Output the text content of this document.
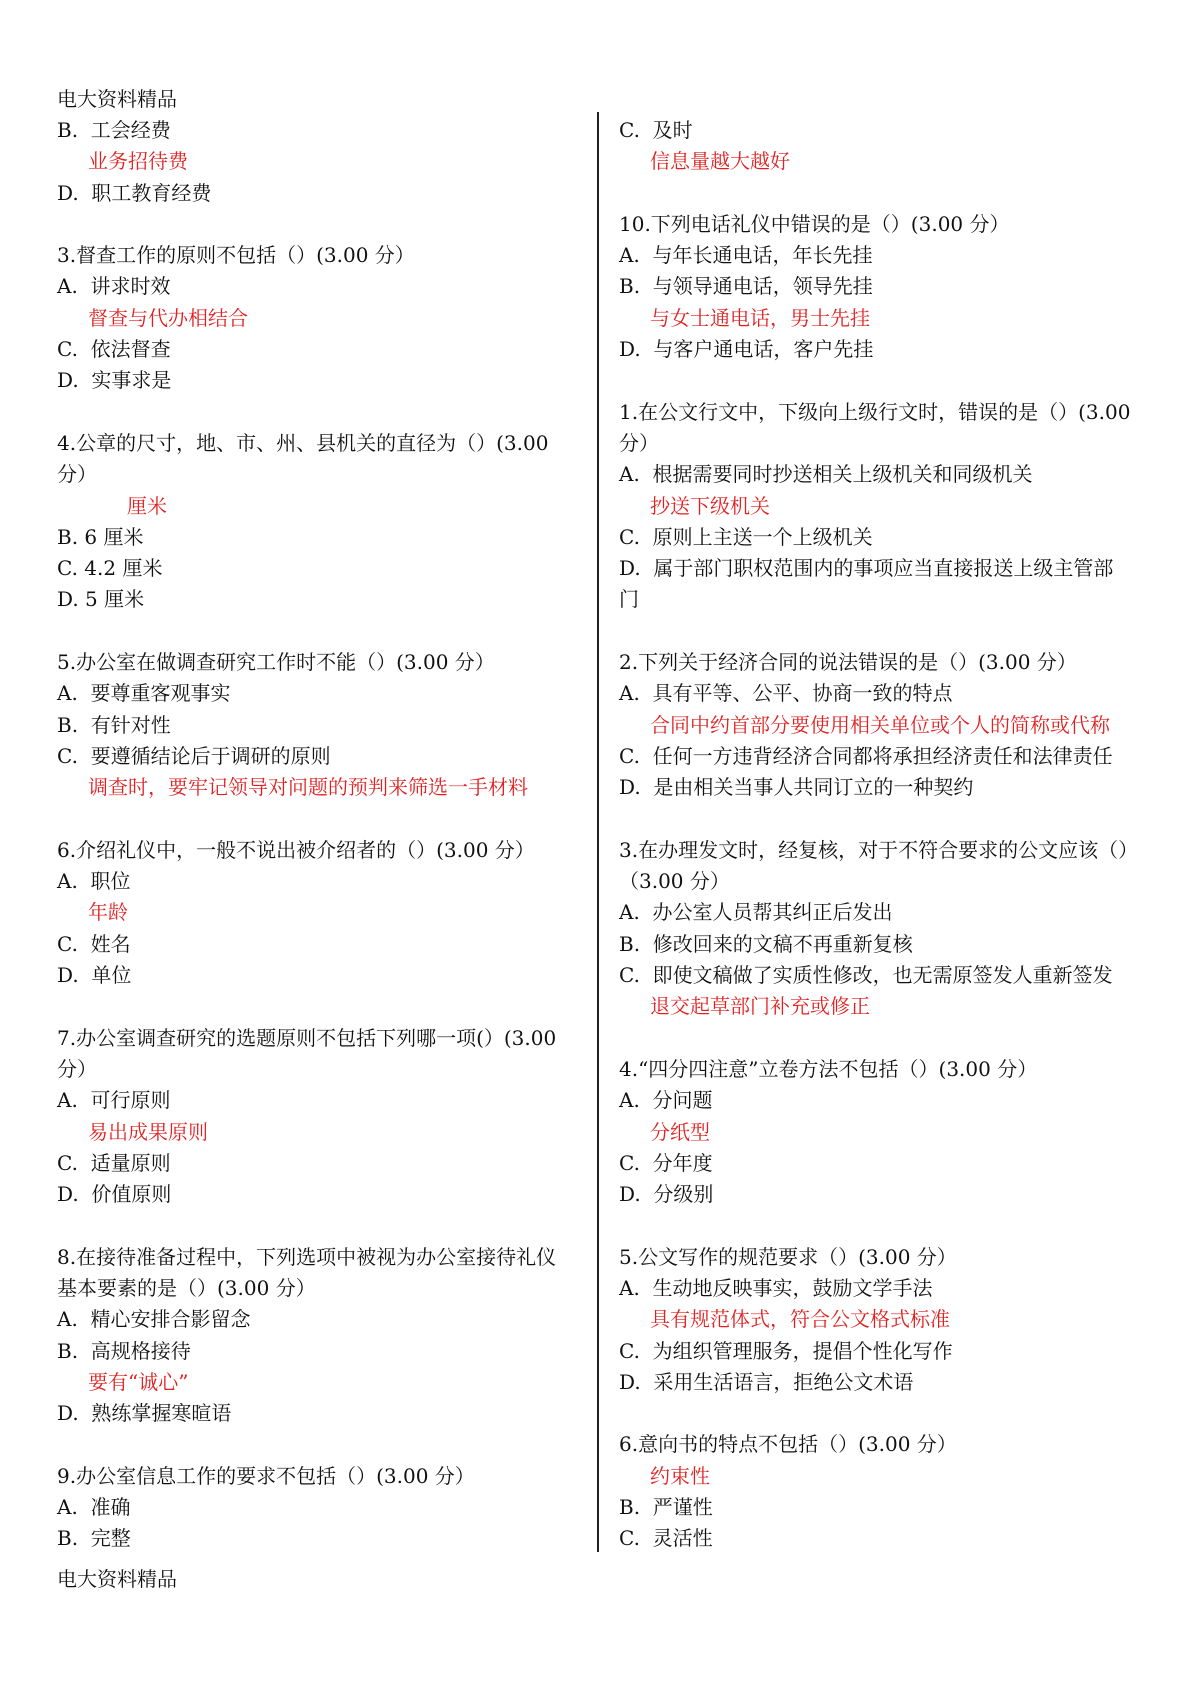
电大资料精品
B.  工会经费
业务招待费
D.  职工教育经费
3.督查工作的原则不包括（）(3.00 分）
A.  讲求时效
督查与代办相结合
C.  依法督查
D.  实事求是
4.公章的尺寸，地、市、州、县机关的直径为（）(3.00
分）
厘米
B. 6 厘米
C. 4.2 厘米
D. 5 厘米
5.办公室在做调查研究工作时不能（）(3.00 分）
A.  要尊重客观事实
B.  有针对性
C.  要遵循结论后于调研的原则
调查时，要牢记领导对问题的预判来筛选一手材料
6.介绍礼仪中，一般不说出被介绍者的（）(3.00 分）
A.  职位
年龄
C.  姓名
D.  单位
7.办公室调查研究的选题原则不包括下列哪一项(）(3.00
分）
A.  可行原则
易出成果原则
C.  适量原则
D.  价值原则
8.在接待准备过程中，下列选项中被视为办公室接待礼仪
基本要素的是（）(3.00 分）
A.  精心安排合影留念
B.  高规格接待
要有“诚心”
D.  熟练掌握寒暄语
9.办公室信息工作的要求不包括（）(3.00 分）
A.  准确
B.  完整
C.  及时
信息量越大越好
10.下列电话礼仪中错误的是（）(3.00 分）
A.  与年长通电话，年长先挂
B.  与领导通电话，领导先挂
与女士通电话，男士先挂
D.  与客户通电话，客户先挂
1.在公文行文中，下级向上级行文时，错误的是（）(3.00
分）
A.  根据需要同时抄送相关上级机关和同级机关
抄送下级机关
C.  原则上主送一个上级机关
D.  属于部门职权范围内的事项应当直接报送上级主管部
门
2.下列关于经济合同的说法错误的是（）(3.00 分）
A.  具有平等、公平、协商一致的特点
合同中约首部分要使用相关单位或个人的简称或代称
C.  任何一方违背经济合同都将承担经济责任和法律责任
D.  是由相关当事人共同订立的一种契约
3.在办理发文时，经复核，对于不符合要求的公文应该（）
（3.00 分）
A.  办公室人员帮其纠正后发出
B.  修改回来的文稿不再重新复核
C.  即使文稿做了实质性修改，也无需原签发人重新签发
退交起草部门补充或修正
4.“四分四注意”立卷方法不包括（）(3.00 分）
A.  分问题
分纸型
C.  分年度
D.  分级别
5.公文写作的规范要求（）(3.00 分）
A.  生动地反映事实，鼓励文学手法
具有规范体式，符合公文格式标准
C.  为组织管理服务，提倡个性化写作
D.  采用生活语言，拒绝公文术语
6.意向书的特点不包括（）(3.00 分）
约束性
B.  严谨性
C.  灵活性
电大资料精品
